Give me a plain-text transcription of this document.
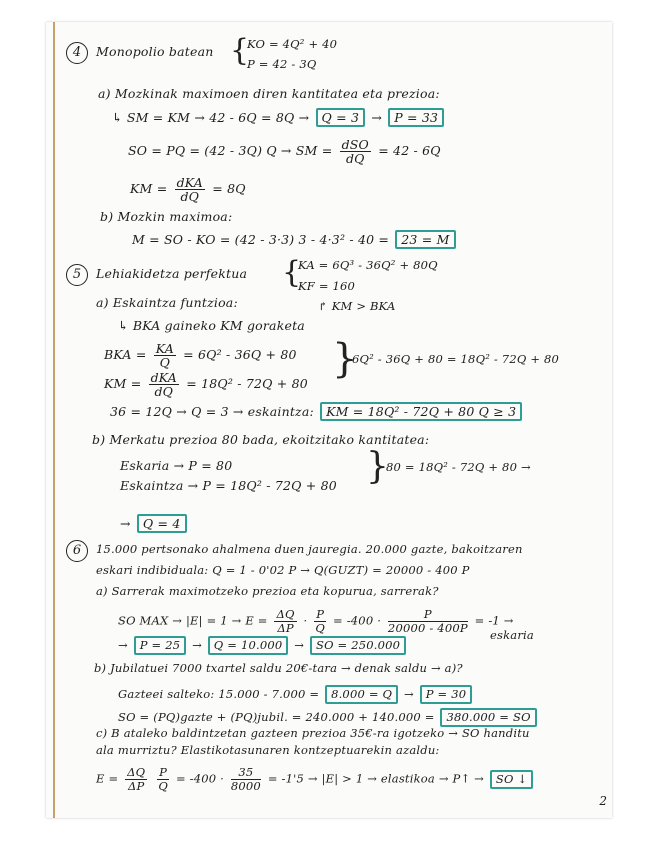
4	Monopolio batean {
KO = 4Q² + 40
P = 42 - 3Q
a) Mozkinak maximoen diren kantitatea eta prezioa:
↳ SM = KM → 42 - 6Q = 8Q → Q = 3 → P = 33
SO = PQ = (42 - 3Q) Q → SM = $\frac{\text{dSO}}{dQ} = 42 - 6Q$
KM = $\frac{\text{dKA}}{dQ} = 8Q$
b) Mozkin maximoa:
M = SO - KO = (42 - 3·3) 3 - 4·3² - 40 = 23 = M
5	Lehiakidetza perfektua {
KA = 6Q³ - 36Q² + 80Q
KF = 160
a) Eskaintza funtzioa:	↱ KM > BKA
↳ BKA gaineko KM goraketa
BKA = $\frac{KA}{Q} = 6Q^2 - 36Q + 80$
KM = $\frac{\text{dKA}}{dQ} = 18Q^2 - 72Q + 80$
}
6Q² - 36Q + 80 = 18Q² - 72Q + 80
36 = 12Q → Q = 3 → eskaintza: KM = 18Q² - 72Q + 80 Q ≥ 3
b) Merkatu prezioa 80 bada, ekoitzitako kantitatea:
Eskaria → P = 80
Eskaintza → P = 18Q² - 72Q + 80 }
80 = 18Q² - 72Q + 80 →
→ Q = 4
6	15.000 pertsonako ahalmena duen jauregia. 20.000 gazte, bakoitzaren
eskari indibiduala: Q = 1 - 0'02 P → Q(GUZT) = 20000 - 400 P
a) Sarrerak maximotzeko prezioa eta kopurua, sarrerak?
SO MAX → $|E| = 1 \to E = \frac{\Delta Q}{\Delta P} \cdot \frac{P}{Q} = -400 \cdot \frac{P}{20000 - 400P} = -1$ →
→ P = 25 → Q = 10.000 → SO = 250.000
eskaria
b) Jubilatuei 7000 txartel saldu 20€-tara → denak saldu → a)?
Gazteei salteko: 15.000 - 7.000 = 8.000 = Q → P = 30
SO = (PQ)gazte + (PQ)jubil. = 240.000 + 140.000 = 380.000 = SO
c) B ataleko baldintzetan gazteen prezioa 35€-ra igotzeko → SO handitu
ala murriztu? Elastikotasunaren kontzeptuarekin azaldu:
$E = \frac{\Delta Q}{\Delta P}$
$\frac{P}{Q} = -400 \cdot \frac{35}{8000} = -1'5 \to |E| > 1$ → elastikoa → P↑ → SO ↓
2
